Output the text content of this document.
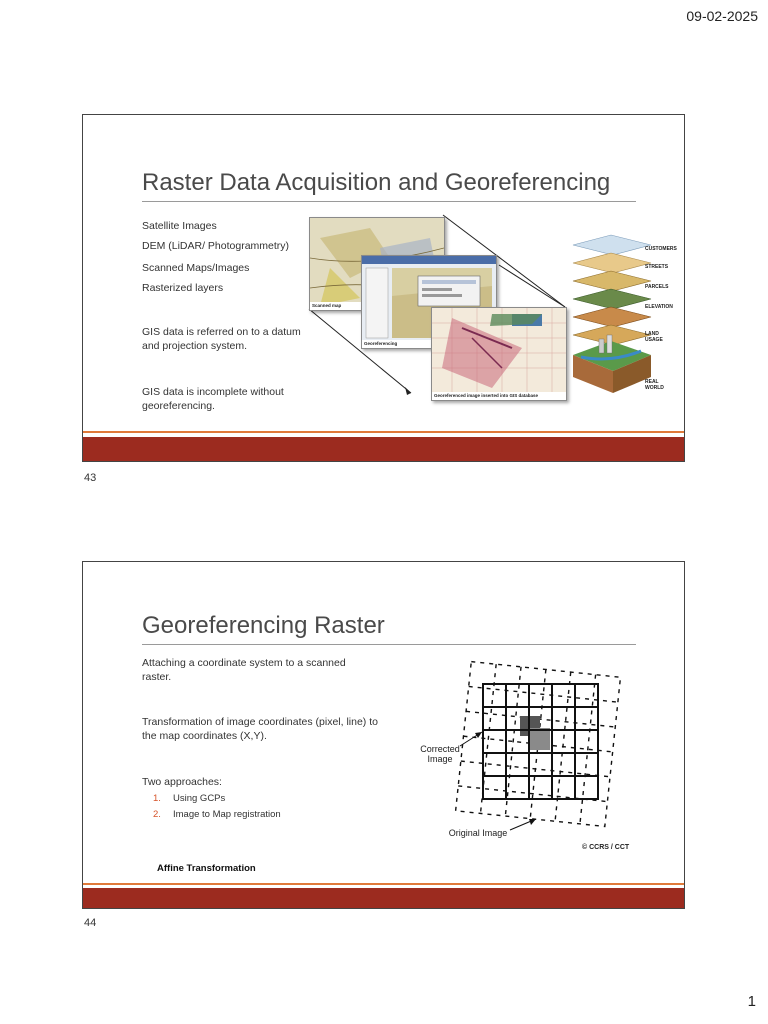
09-02-2025
Raster Data Acquisition and Georeferencing
Satellite Images
DEM (LiDAR/ Photogrammetry)
Scanned Maps/Images
Rasterized layers
GIS data is referred on to a datum and projection system.
GIS data is incomplete without georeferencing.
Scanned map
Georeferencing
Georeferenced image inserted into GIS database
CUSTOMERS
STREETS
PARCELS
ELEVATION
LAND USAGE
REAL WORLD
43
Georeferencing Raster
Attaching a coordinate system to a scanned raster.
Transformation of image coordinates (pixel, line) to the map coordinates (X,Y).
Two approaches:
1. Using GCPs
2. Image to Map registration
Affine Transformation
Corrected Image
Original Image
© CCRS / CCT
44
1
